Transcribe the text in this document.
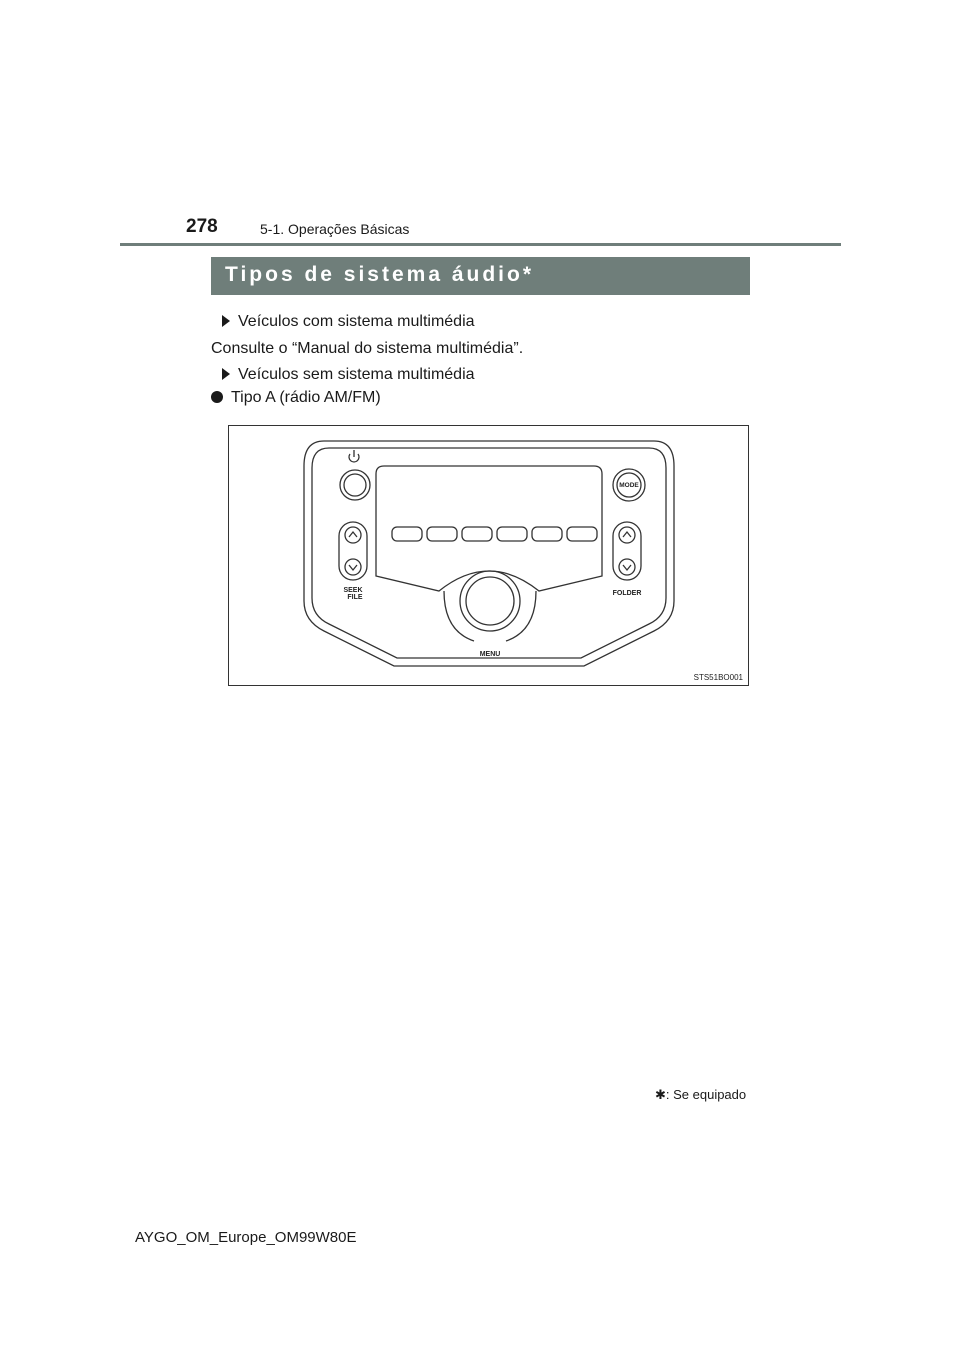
278	5-1. Operações Básicas
Tipos de sistema áudio*
Veículos com sistema multimédia
Consulte o “Manual do sistema multimédia”.
Veículos sem sistema multimédia
Tipo A (rádio AM/FM)
MODE
SEEK
FILE
FOLDER
MENU
STS51BO001
✱: Se equipado
AYGO_OM_Europe_OM99W80E
